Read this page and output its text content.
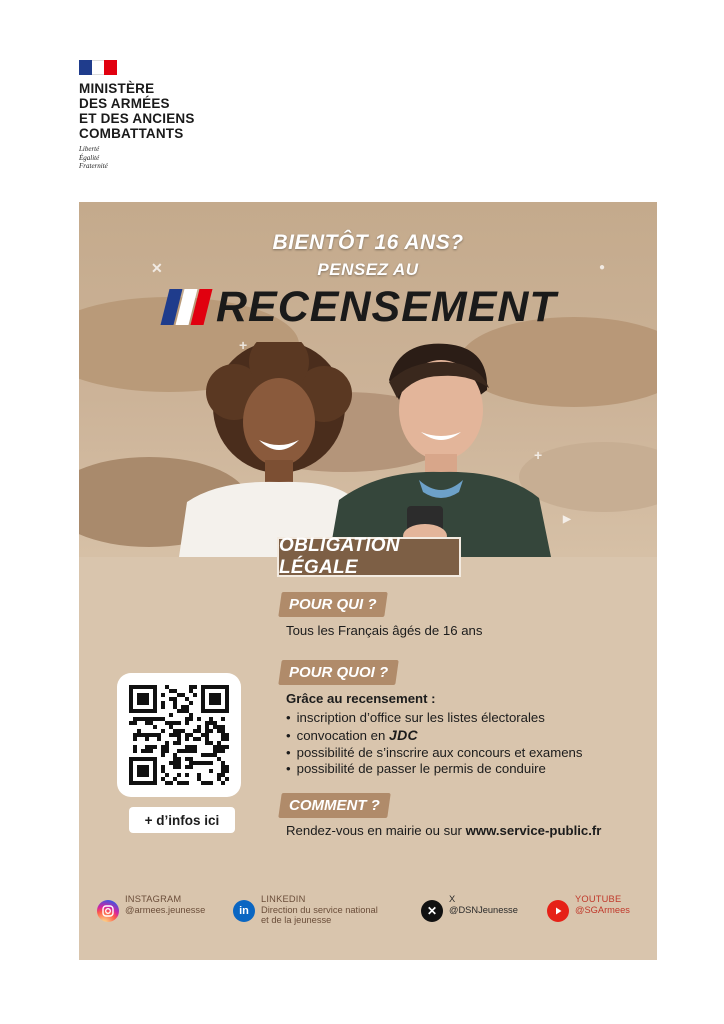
MINISTÈRE
DES ARMÉES
ET DES ANCIENS
COMBATTANTS
Liberté
Égalité
Fraternité
✕
+
+
▶
●
BIENTÔT 16 ANS?
PENSEZ AU
RECENSEMENT
OBLIGATION LÉGALE
POUR QUI ?
Tous les Français âgés de 16 ans
POUR QUOI ?
Grâce au recensement :
• inscription d’office sur les listes électorales
• convocation en JDC
• possibilité de s’inscrire aux concours et examens
• possibilité de passer le permis de conduire
COMMENT ?
Rendez-vous en mairie ou sur www.service-public.fr
+ d’infos ici
INSTAGRAM
@armees.jeunesse	in
LINKEDIN
Direction du service national
et de la jeunesse
✕
X
@DSNJeunesse
YOUTUBE
@SGArmees
